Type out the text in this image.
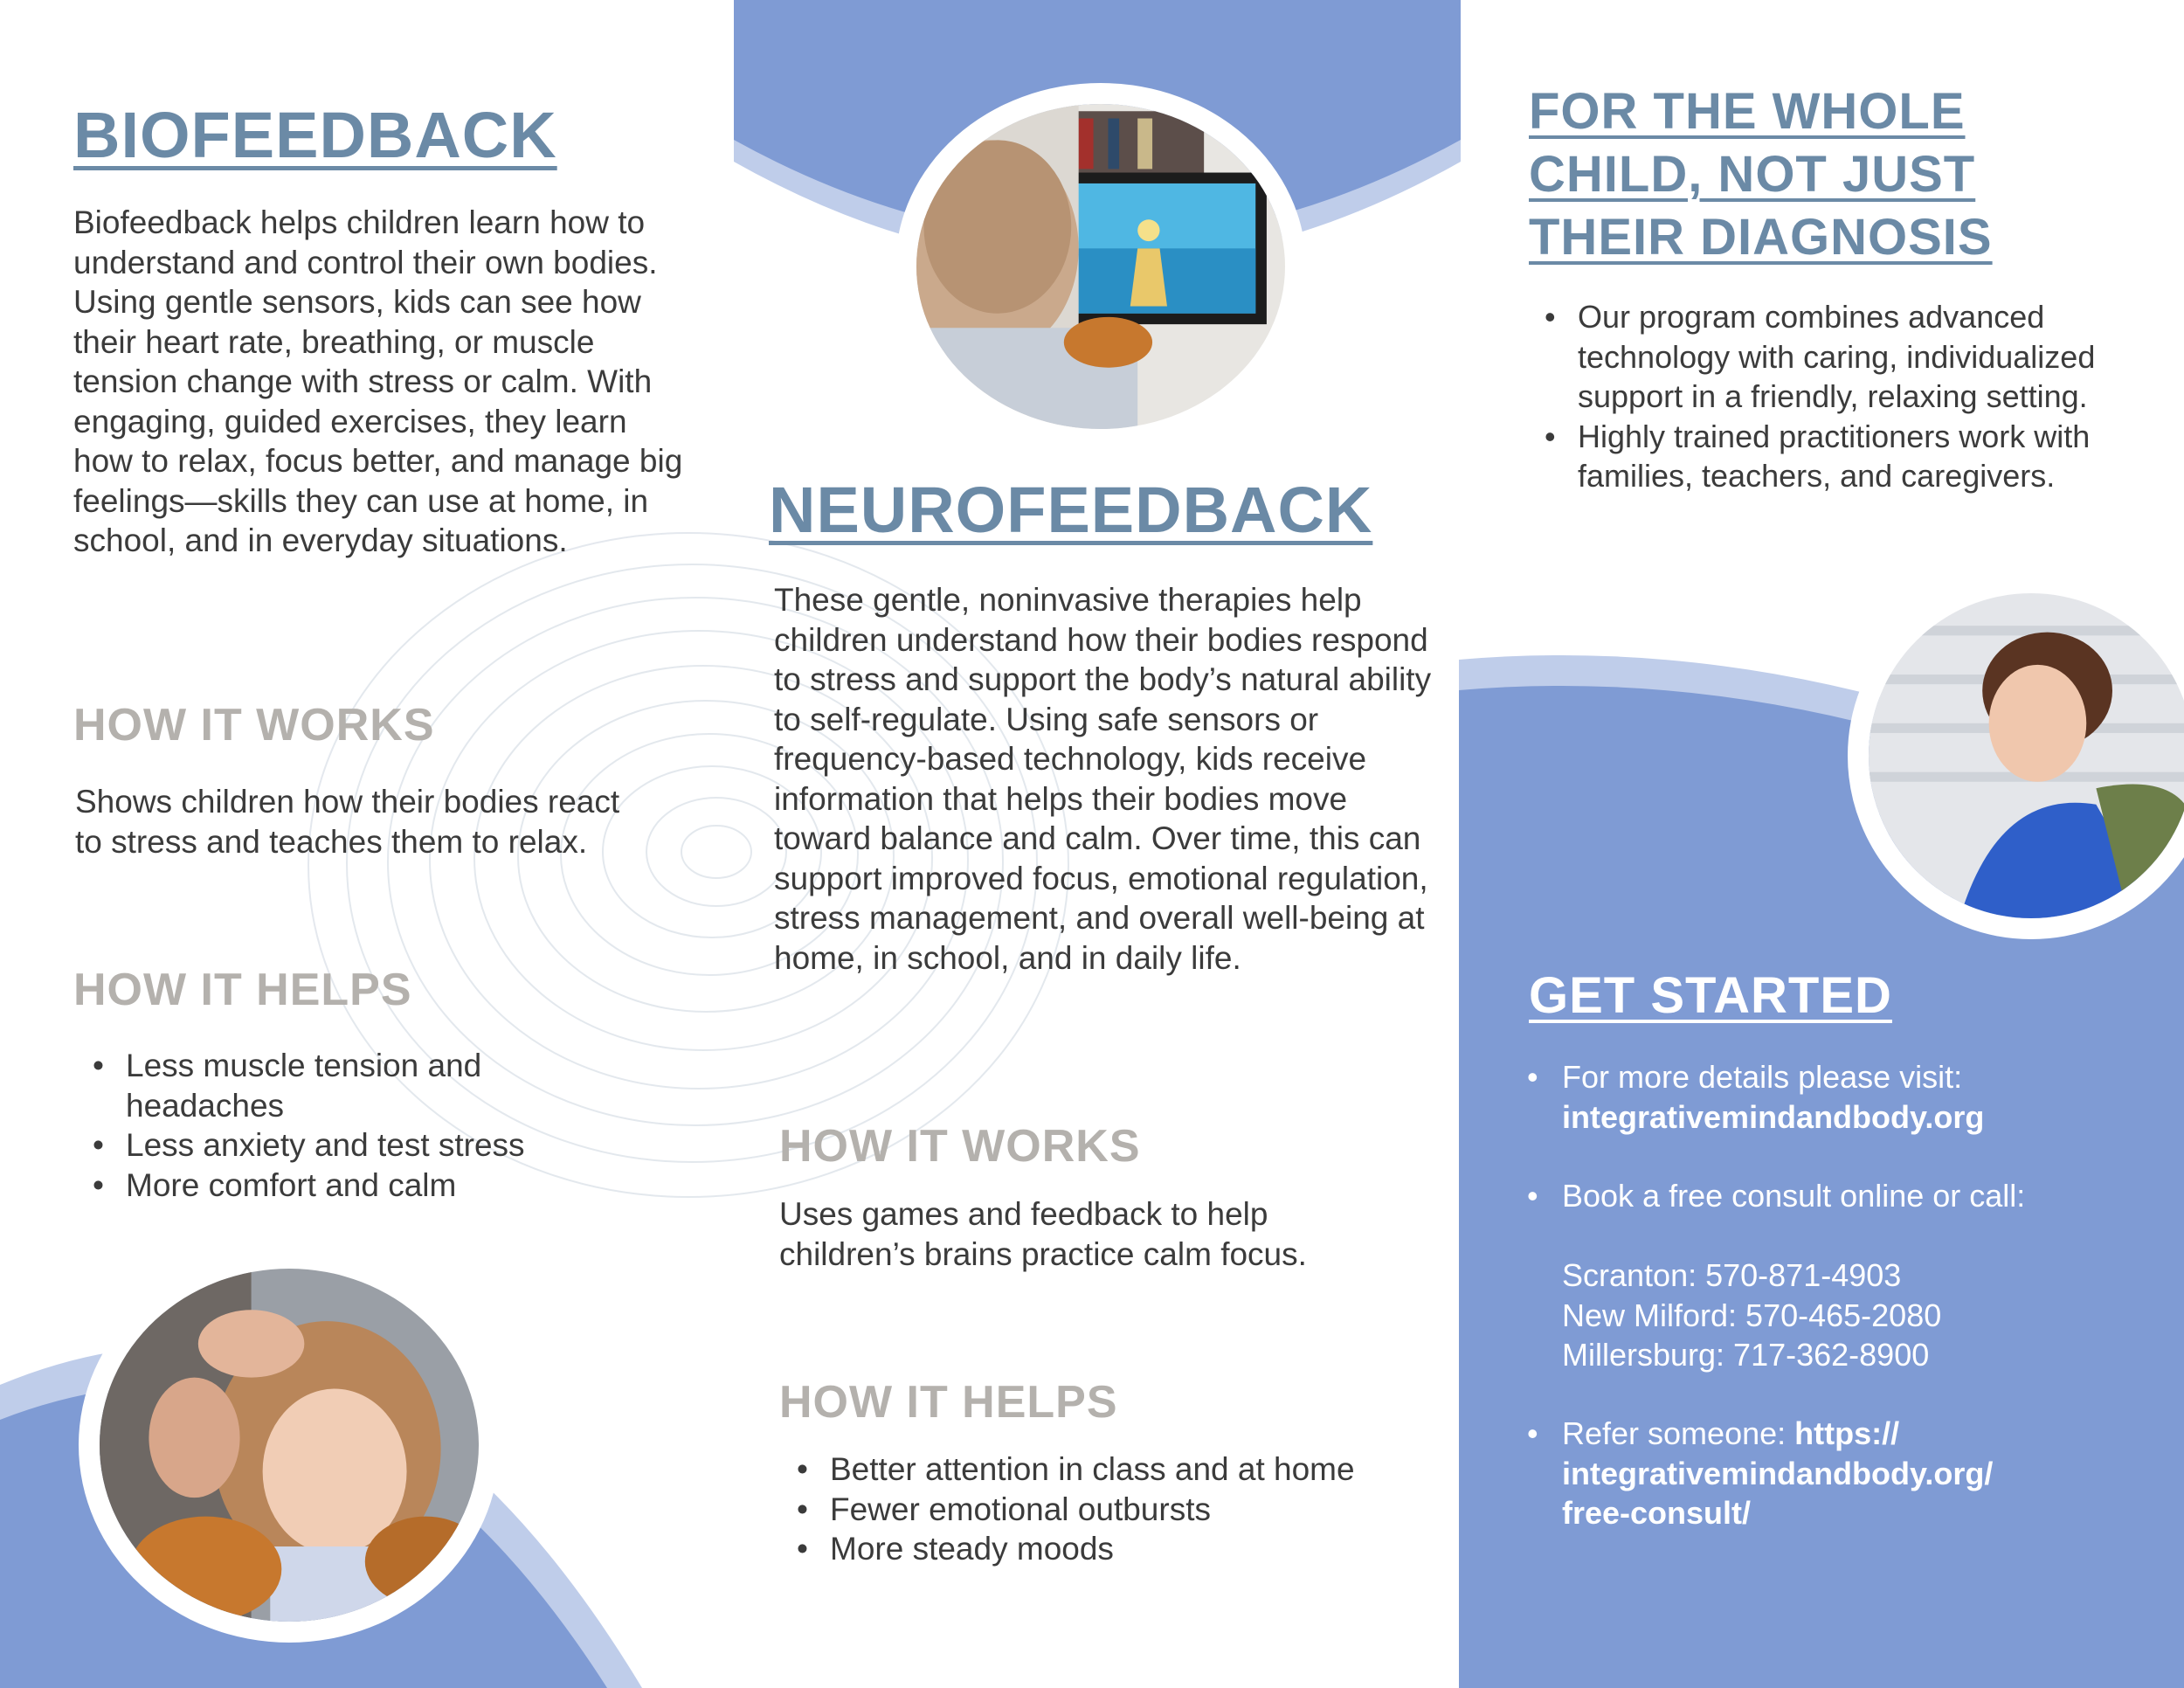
BIOFEEDBACK

Biofeedback helps children learn how to understand and control their own bodies. Using gentle sensors, kids can see how their heart rate, breathing, or muscle tension change with stress or calm. With engaging, guided exercises, they learn how to relax, focus better, and manage big feelings—skills they can use at home, in school, and in everyday situations.

HOW IT WORKS

Shows children how their bodies react to stress and teaches them to relax.

HOW IT HELPS
• Less muscle tension and headaches
• Less anxiety and test stress
• More comfort and calm
NEUROFEEDBACK

These gentle, noninvasive therapies help children understand how their bodies respond to stress and support the body’s natural ability to self-regulate. Using safe sensors or frequency-based technology, kids receive information that helps their bodies move toward balance and calm. Over time, this can support improved focus, emotional regulation, stress management, and overall well-being at home, in school, and in daily life.

HOW IT WORKS

Uses games and feedback to help children’s brains practice calm focus.

HOW IT HELPS
• Better attention in class and at home
• Fewer emotional outbursts
• More steady moods
FOR THE WHOLE CHILD, NOT JUST THEIR DIAGNOSIS
• Our program combines advanced technology with caring, individualized support in a friendly, relaxing setting.
• Highly trained practitioners work with families, teachers, and caregivers.
GET STARTED
• For more details please visit:
integrativemindandbody.org
• Book a free consult online or call:
Scranton: 570-871-4903
New Milford: 570-465-2080
Millersburg: 717-362-8900
• Refer someone: https://
integrativemindandbody.org/
free-consult/
